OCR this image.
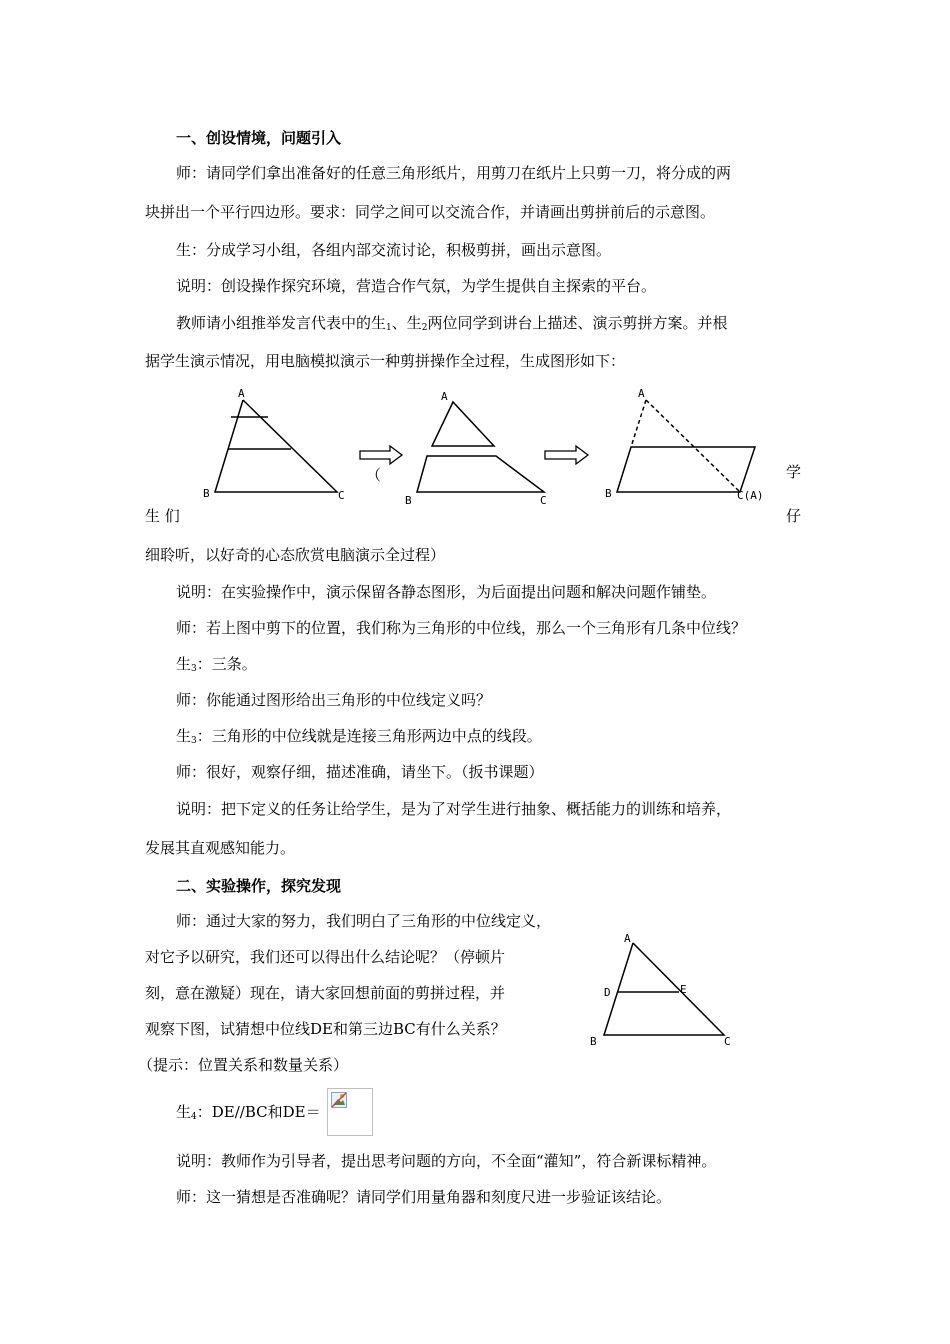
一、创设情境，问题引入
师：请同学们拿出准备好的任意三角形纸片，用剪刀在纸片上只剪一刀，将分成的两
块拼出一个平行四边形。要求：同学之间可以交流合作，并请画出剪拼前后的示意图。
生：分成学习小组，各组内部交流讨论，积极剪拼，画出示意图。
说明：创设操作探究环境，营造合作气氛，为学生提供自主探索的平台。
教师请小组推举发言代表中的生$_1$、生$_2$两位同学到讲台上描述、演示剪拼方案。并根
据学生演示情况，用电脑模拟演示一种剪拼操作全过程，生成图形如下：
A
B	C
（
A
B	C
A
B	C(A)
学
生 们	仔
细聆听，以好奇的心态欣赏电脑演示全过程）
说明：在实验操作中，演示保留各静态图形，为后面提出问题和解决问题作铺垫。
师：若上图中剪下的位置，我们称为三角形的中位线，那么一个三角形有几条中位线？
生$_3$：三条。
师：你能通过图形给出三角形的中位线定义吗？
生$_3$：三角形的中位线就是连接三角形两边中点的线段。
师：很好，观察仔细，描述准确，请坐下。（扳书课题）
说明：把下定义的任务让给学生，是为了对学生进行抽象、概括能力的训练和培养，
发展其直观感知能力。
二、实验操作，探究发现
师：通过大家的努力，我们明白了三角形的中位线定义，
对它予以研究，我们还可以得出什么结论呢？（停顿片
刻，意在激疑）现在，请大家回想前面的剪拼过程，并
观察下图，试猜想中位线DE和第三边BC有什么关系？
（提示：位置关系和数量关系）
A
D	E
B	C
生$_4$：DE//BC和DE＝
说明：教师作为引导者，提出思考问题的方向，不全面“灌知”，符合新课标精神。
师：这一猜想是否准确呢？请同学们用量角器和刻度尺进一步验证该结论。
